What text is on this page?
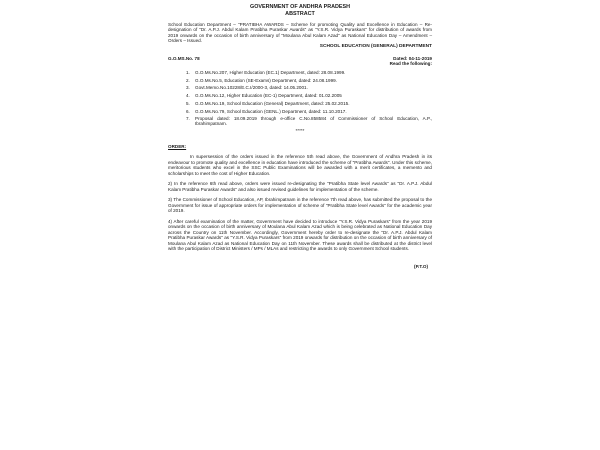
GOVERNMENT OF ANDHRA PRADESH
ABSTRACT
School Education Department – "PRATIBHA AWARDS – Scheme for promoting Quality and Excellence in Education – Re-designation of "Dr. A.P.J. Abdul Kalam Pratibha Puraskar Awards" as "Y.S.R. Vidya Puraskars" for distribution of awards from 2019 onwards on the occasion of birth anniversary of "Moulana Abul Kalam Azad" as National Education Day – Amendment – Orders – Issued.
SCHOOL EDUCATION (GENERAL) DEPARTMENT
G.O.MS.No. 78	Dated: 04-11-2019
Read the following:
1.	G.O.Ms.No.207, Higher Education (EC.1) Department, dated: 28.08.1999.
2.	G.O.Ms.No.5, Education (SE-Exams) Department, dated: 24.08.1999.
3.	Govt.Memo.No.10228/E.C.I/2000-3, dated: 14.05.2001.
4.	G.O.Ms.No.12, Higher Education (EC-1) Department, dated: 01.02.2005
5.	G.O.Ms.No.19, School Education (General) Department, dated: 25.02.2015.
6.	G.O.Ms.No.79, School Education (GENL.) Department, dated: 11.10.2017.
7.	Proposal dated: 18.09.2019 through e-office C.No.858584 of Commissioner of School Education, A.P., Ibrahimpatnam.
*****
ORDER:
In supersession of the orders issued in the reference 5th read above, the Government of Andhra Pradesh in its endeavour to promote quality and excellence in education have introduced the scheme of "Pratibha Awards". Under this scheme, meritorious students who excel in the SSC Public Examinations will be awarded with a merit certificates, a memento and scholarships to meet the cost of Higher Education.
2) In the reference 6th read above, orders were issued re-designating the "Pratibha State level Awards" as "Dr. A.P.J. Abdul Kalam Pratibha Puraskar Awards" and also issued revised guidelines for implementation of the scheme.
3) The Commissioner of School Education, AP, Ibrahimpatnam in the reference 7th read above, has submitted the proposal to the Government for issue of appropriate orders for implementation of scheme of "Pratibha State level Awards" for the academic year of 2019.
4) After careful examination of the matter, Government have decided to introduce "Y.S.R. Vidya Puraskars" from the year 2019 onwards on the occasion of birth anniversary of Moulana Abul Kalam Azad which is being celebrated as National Education Day across the Country on 11th November. Accordingly, Government hereby order to re-designate the "Dr. A.P.J. Abdul Kalam Pratibha Puraskar Awards" as "Y.S.R. Vidya Puraskars" from 2019 onwards for distribution on the occasion of birth anniversary of Moulana Abul Kalam Azad as National Education Day on 11th November. These awards shall be distributed at the district level with the participation of District Ministers / MPs / MLAs and restricting the awards to only Government School students.
(P.T.O)
